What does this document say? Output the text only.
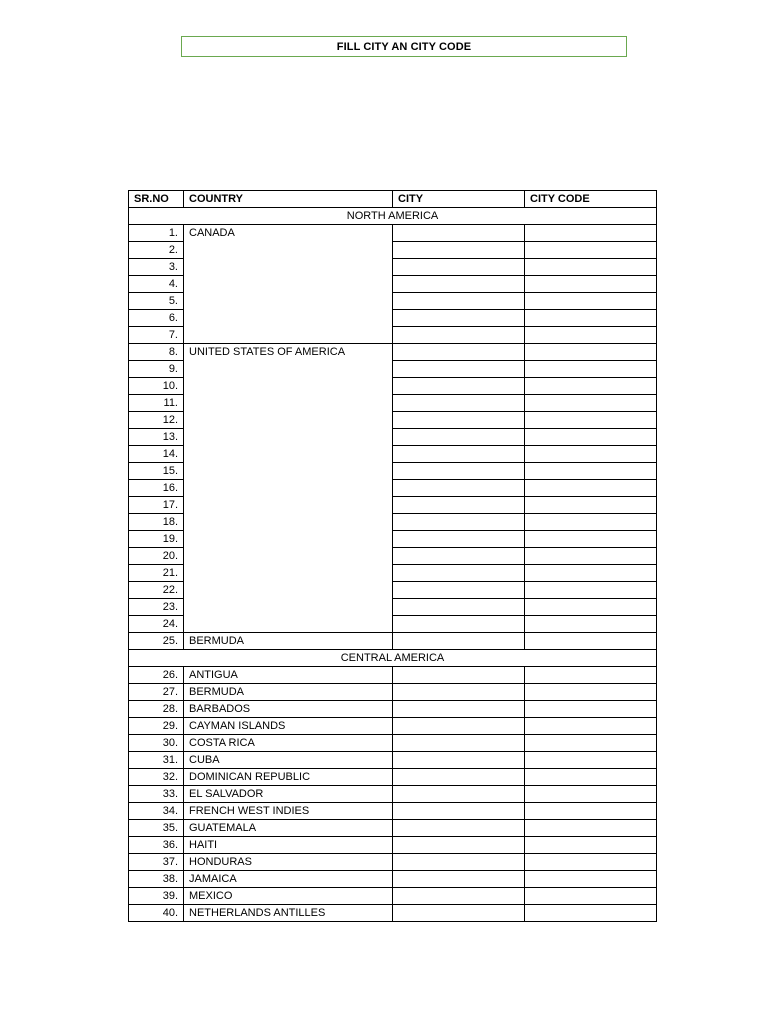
FILL CITY AN CITY CODE
SR.NO	COUNTRY	CITY	CITY CODE
NORTH AMERICA			
1.	CANADA		
2.			
3.			
4.			
5.			
6.			
7.			
8.	UNITED STATES OF AMERICA		
9.			
10.			
11.			
12.			
13.			
14.			
15.			
16.			
17.			
18.			
19.			
20.			
21.			
22.			
23.			
24.			
25.	BERMUDA		
CENTRAL AMERICA			
26.	ANTIGUA		
27.	BERMUDA		
28.	BARBADOS		
29.	CAYMAN ISLANDS		
30.	COSTA RICA		
31.	CUBA		
32.	DOMINICAN REPUBLIC		
33.	EL SALVADOR		
34.	FRENCH WEST INDIES		
35.	GUATEMALA		
36.	HAITI		
37.	HONDURAS		
38.	JAMAICA		
39.	MEXICO		
40.	NETHERLANDS ANTILLES		
